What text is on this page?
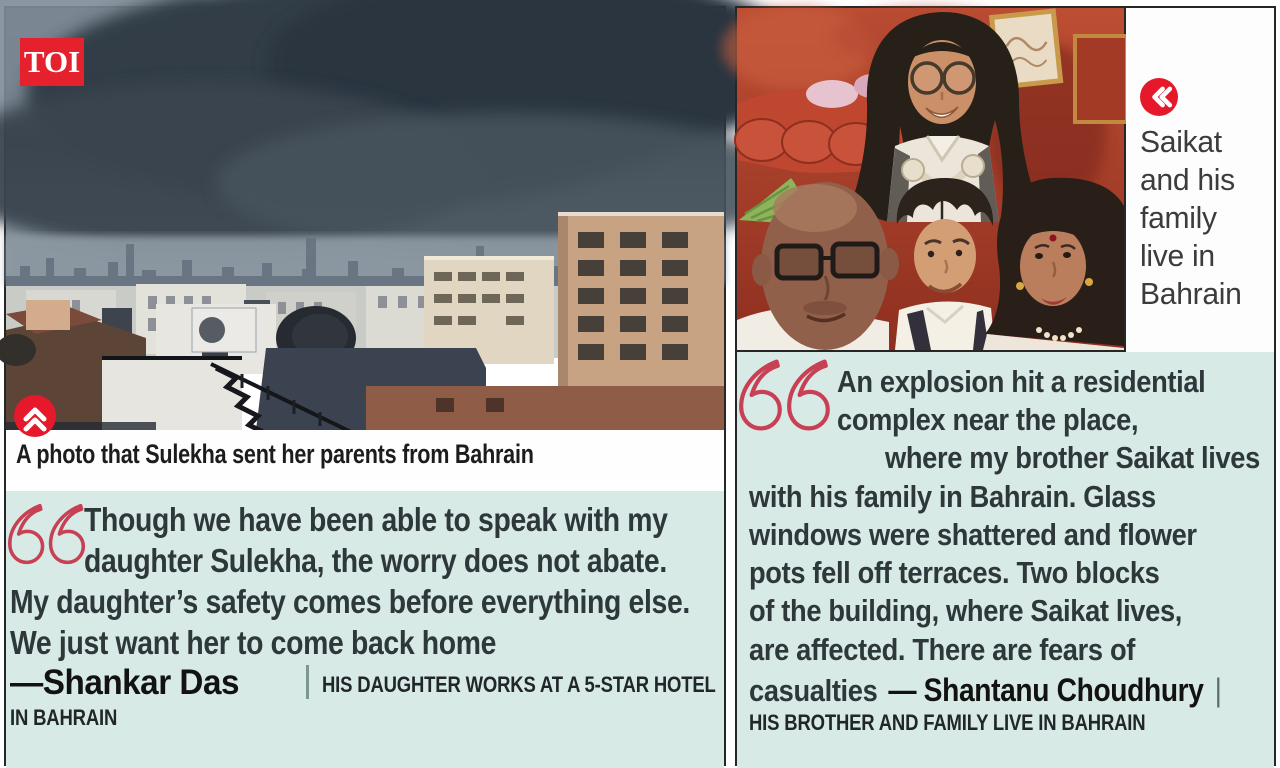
TOI
A photo that Sulekha sent her parents from Bahrain
Though we have been able to speak with my
daughter Sulekha, the worry does not abate.
My daughter’s safety comes before everything else.
We just want her to come back home
—Shankar Das	HIS DAUGHTER WORKS AT A 5-STAR HOTEL
IN BAHRAIN
Saikat
and his
family
live in
Bahrain
An explosion hit a residential
complex near the place,
where my brother Saikat lives
with his family in Bahrain. Glass
windows were shattered and flower
pots fell off terraces. Two blocks
of the building, where Saikat lives,
are affected. There are fears of
casualties — Shantanu Choudhury |
HIS BROTHER AND FAMILY LIVE IN BAHRAIN
